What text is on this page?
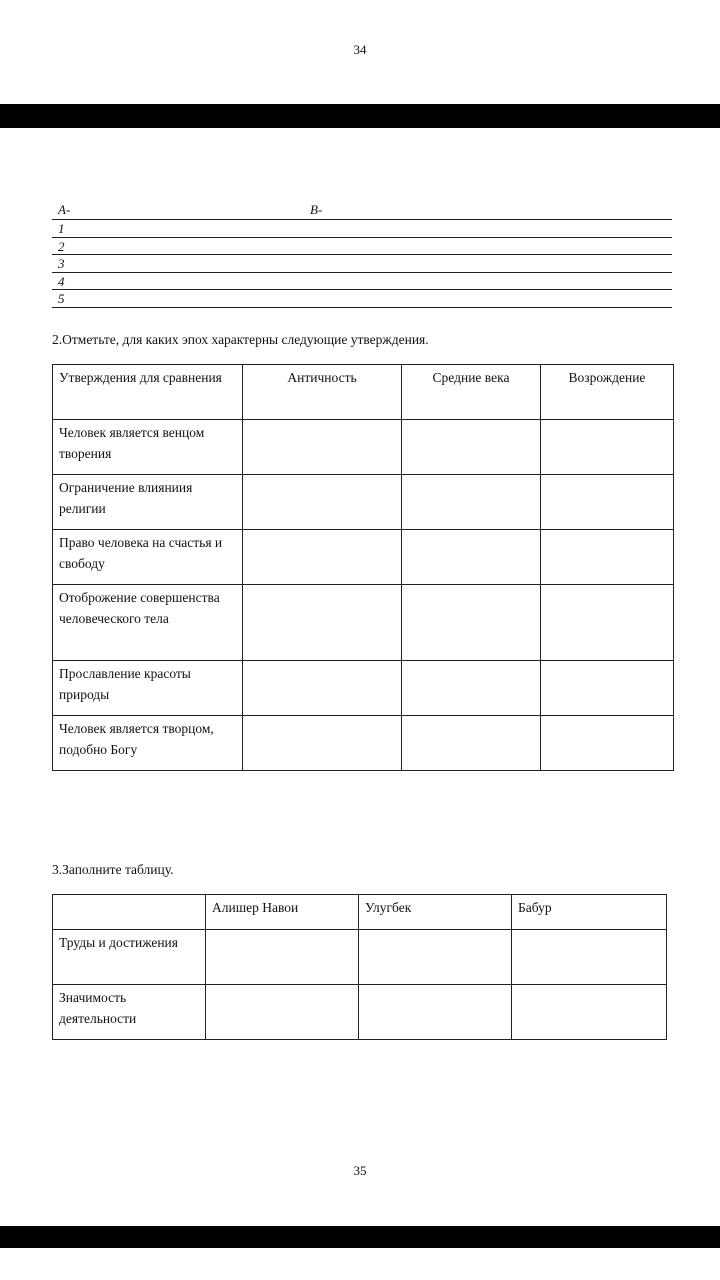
34
A-	B-
1
2
3
4
5
2.Отметьте, для каких эпох характерны следующие утверждения.
Утверждения для сравнения	Античность	Средние века	Возрождение
Человек является венцом творения			
Ограничение влияниия религии			
Право человека на счастья и свободу			
Отоброжение совершенства человеческого тела			
Прославление красоты природы			
Человек является творцом, подобно Богу			
3.Заполните таблицу.
	Алишер Навои	Улугбек	Бабур
Труды и достижения			
Значимость деятельности			
35
